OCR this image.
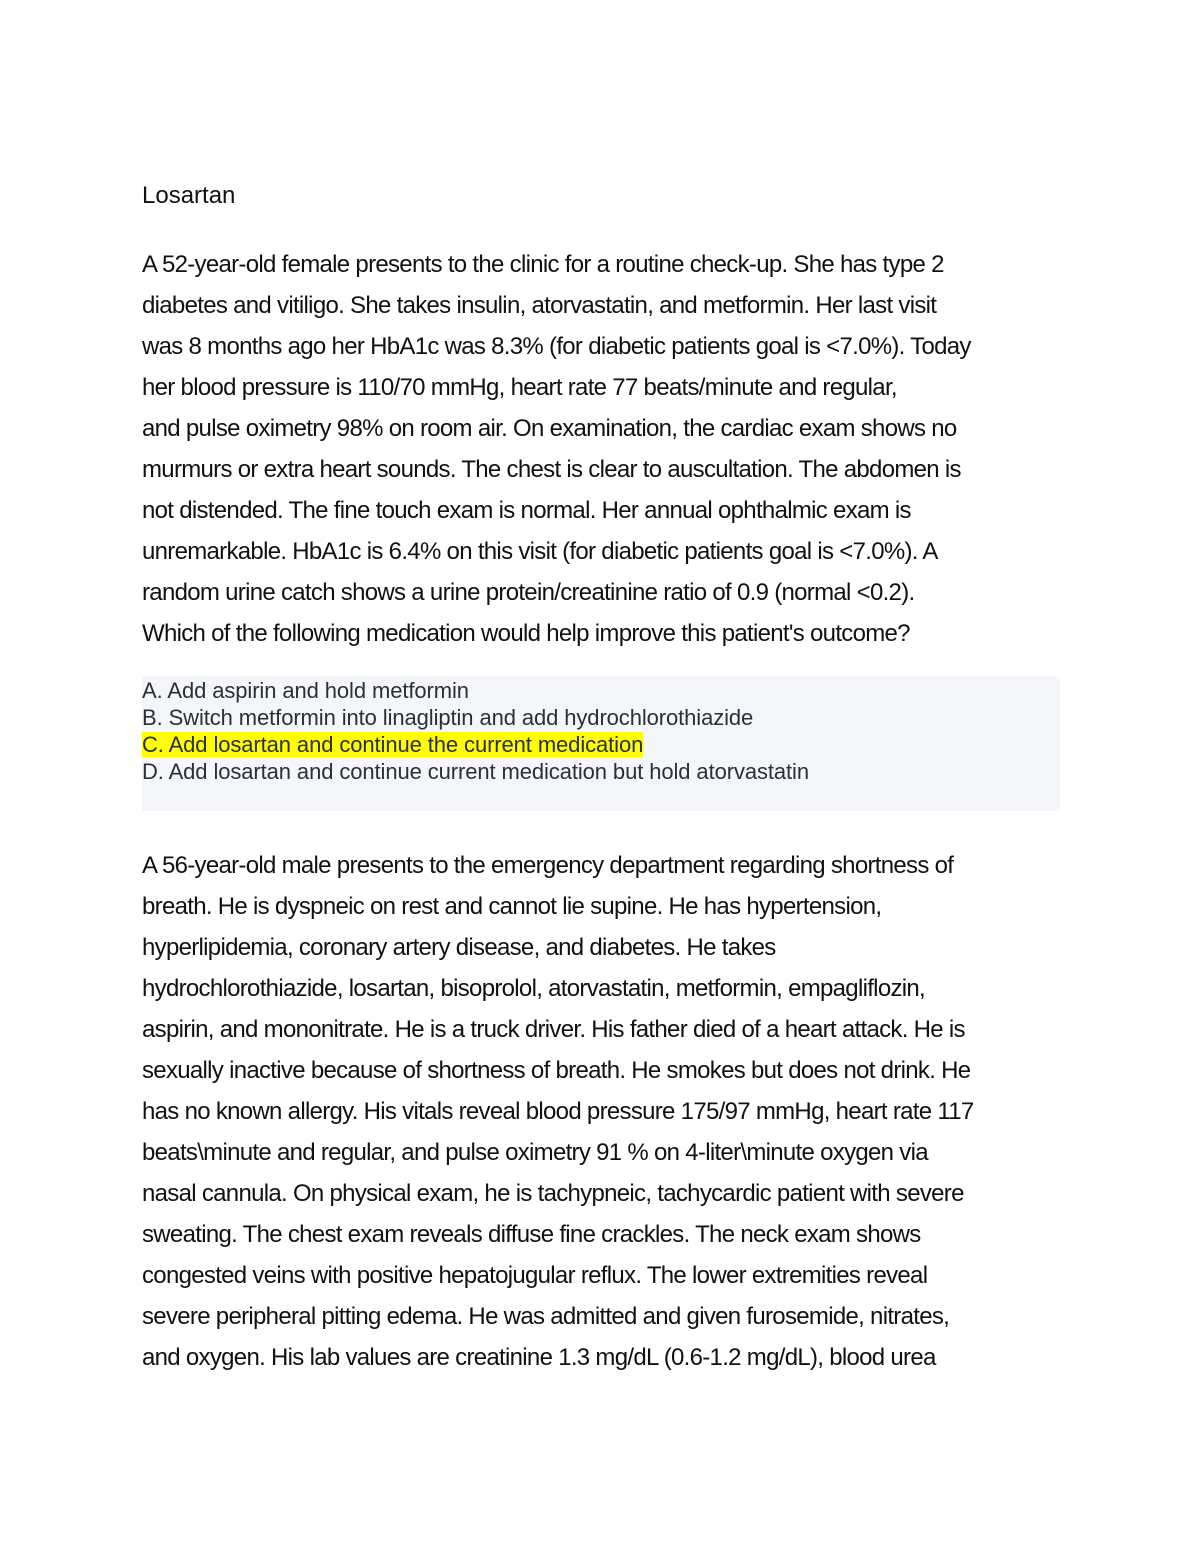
Losartan

A 52-year-old female presents to the clinic for a routine check-up. She has type 2
diabetes and vitiligo. She takes insulin, atorvastatin, and metformin. Her last visit
was 8 months ago her HbA1c was 8.3% (for diabetic patients goal is <7.0%). Today
her blood pressure is 110/70 mmHg, heart rate 77 beats/minute and regular,
and pulse oximetry 98% on room air. On examination, the cardiac exam shows no
murmurs or extra heart sounds. The chest is clear to auscultation. The abdomen is
not distended. The fine touch exam is normal. Her annual ophthalmic exam is
unremarkable. HbA1c is 6.4% on this visit (for diabetic patients goal is <7.0%). A
random urine catch shows a urine protein/creatinine ratio of 0.9 (normal <0.2).
Which of the following medication would help improve this patient's outcome?

A. Add aspirin and hold metformin
B. Switch metformin into linagliptin and add hydrochlorothiazide
C. Add losartan and continue the current medication
D. Add losartan and continue current medication but hold atorvastatin

A 56-year-old male presents to the emergency department regarding shortness of
breath. He is dyspneic on rest and cannot lie supine. He has hypertension,
hyperlipidemia, coronary artery disease, and diabetes. He takes
hydrochlorothiazide, losartan, bisoprolol, atorvastatin, metformin, empagliflozin,
aspirin, and mononitrate. He is a truck driver. His father died of a heart attack. He is
sexually inactive because of shortness of breath. He smokes but does not drink. He
has no known allergy. His vitals reveal blood pressure 175/97 mmHg, heart rate 117
beats\minute and regular, and pulse oximetry 91 % on 4-liter\minute oxygen via
nasal cannula. On physical exam, he is tachypneic, tachycardic patient with severe
sweating. The chest exam reveals diffuse fine crackles. The neck exam shows
congested veins with positive hepatojugular reflux. The lower extremities reveal
severe peripheral pitting edema. He was admitted and given furosemide, nitrates,
and oxygen. His lab values are creatinine 1.3 mg/dL (0.6-1.2 mg/dL), blood urea
